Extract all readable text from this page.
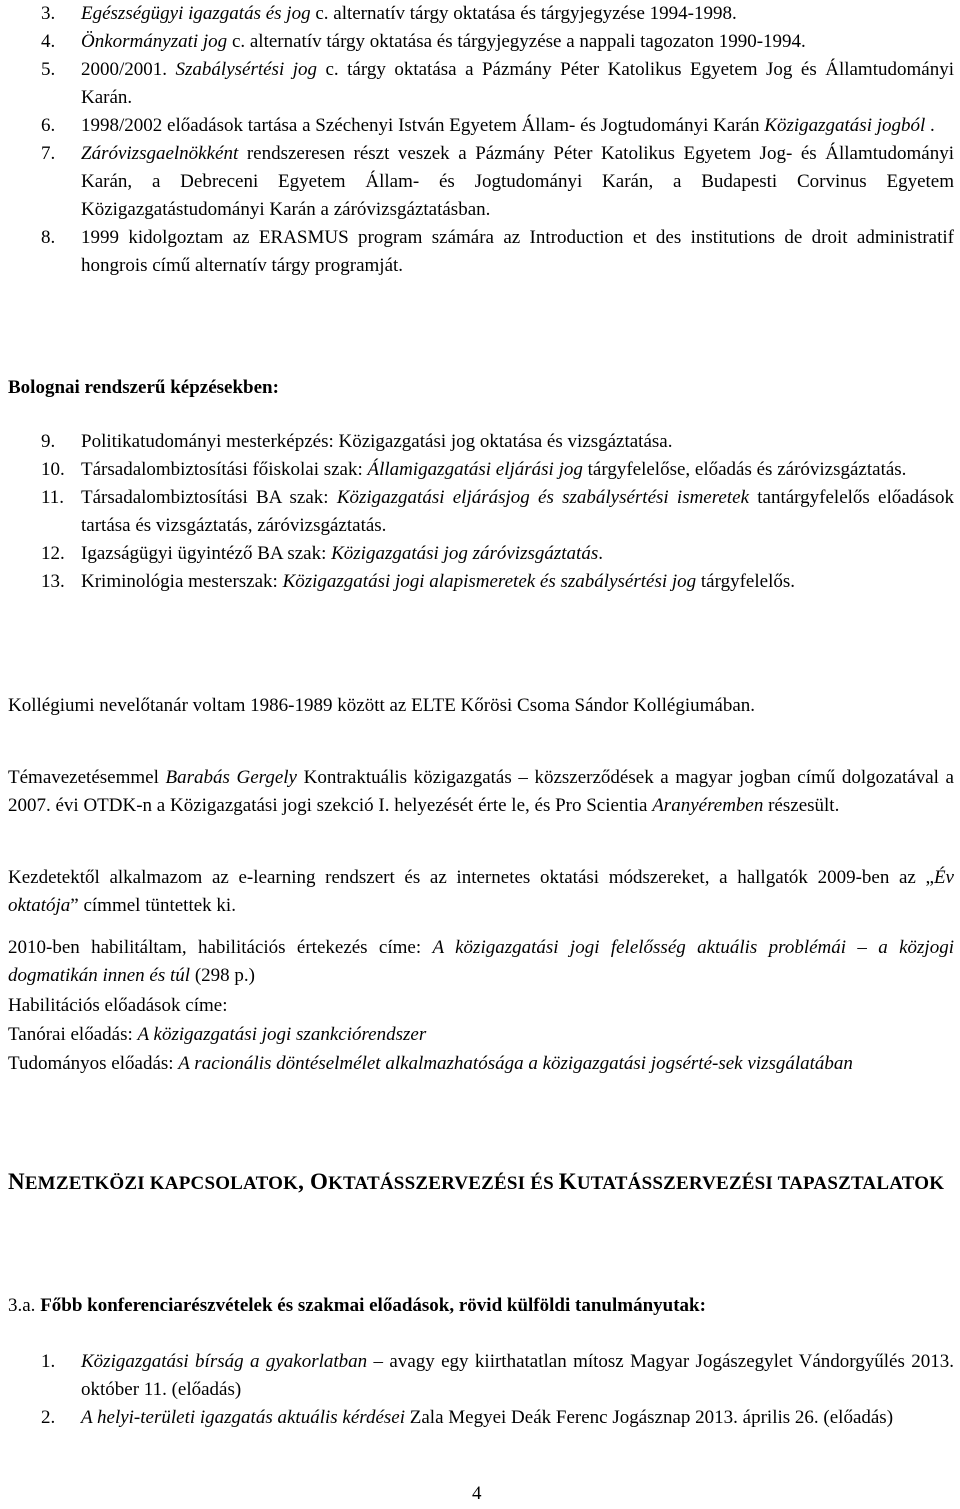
3. Egészségügyi igazgatás és jog c. alternatív tárgy oktatása és tárgyjegyzése 1994-1998.
4. Önkormányzati jog c. alternatív tárgy oktatása és tárgyjegyzése a nappali tagozaton 1990-1994.
5. 2000/2001. Szabálysértési jog c. tárgy oktatása a Pázmány Péter Katolikus Egyetem Jog és Államtudományi Karán.
6. 1998/2002 előadások tartása a Széchenyi István Egyetem Állam- és Jogtudományi Karán Közigazgatási jogból .
7. Záróvizsgaelnökként rendszeresen részt veszek a Pázmány Péter Katolikus Egyetem Jog- és Államtudományi Karán, a Debreceni Egyetem Állam- és Jogtudományi Karán, a Budapesti Corvinus Egyetem Közigazgatástudományi Karán a záróvizsgáztatásban.
8. 1999 kidolgoztam az ERASMUS program számára az Introduction et des institutions de droit administratif hongrois című alternatív tárgy programját.
Bolognai rendszerű képzésekben:
9. Politikatudományi mesterképzés: Közigazgatási jog oktatása és vizsgáztatása.
10. Társadalombiztosítási főiskolai szak: Államigazgatási eljárási jog tárgyfelelőse, előadás és záróvizsgáztatás.
11. Társadalombiztosítási BA szak: Közigazgatási eljárásjog és szabálysértési ismeretek tantárgyfelelős előadások tartása és vizsgáztatás, záróvizsgáztatás.
12. Igazságügyi ügyintéző BA szak: Közigazgatási jog záróvizsgáztatás.
13. Kriminológia mesterszak: Közigazgatási jogi alapismeretek és szabálysértési jog tárgyfelelős.
Kollégiumi nevelőtanár voltam 1986-1989 között az ELTE Kőrösi Csoma Sándor Kollégiumában.
Témavezetésemmel Barabás Gergely Kontraktuális közigazgatás – közszerződések a magyar jogban című dolgozatával a 2007. évi OTDK-n a Közigazgatási jogi szekció I. helyezését érte le, és Pro Scientia Aranyéremben részesült.
Kezdetektől alkalmazom az e-learning rendszert és az internetes oktatási módszereket, a hallgatók 2009-ben az „Év oktatója” címmel tüntettek ki.
2010-ben habilitáltam, habilitációs értekezés címe: A közigazgatási jogi felelősség aktuális problémái – a közjogi dogmatikán innen és túl (298 p.)
Habilitációs előadások címe:
Tanórai előadás: A közigazgatási jogi szankciórendszer
Tudományos előadás: A racionális döntéselmélet alkalmazhatósága a közigazgatási jogsérté-sek vizsgálatában
NEMZETKÖZI KAPCSOLATOK, OKTATÁSSZERVEZÉSI ÉS KUTATÁSSZERVEZÉSI TAPASZTALATOK
3.a. Főbb konferenciarészvételek és szakmai előadások, rövid külföldi tanulmányutak:
1. Közigazgatási bírság a gyakorlatban – avagy egy kiirthatatlan mítosz Magyar Jogászegylet Vándorgyűlés 2013. október 11. (előadás)
2. A helyi-területi igazgatás aktuális kérdései Zala Megyei Deák Ferenc Jogásznap 2013. április 26. (előadás)
4
